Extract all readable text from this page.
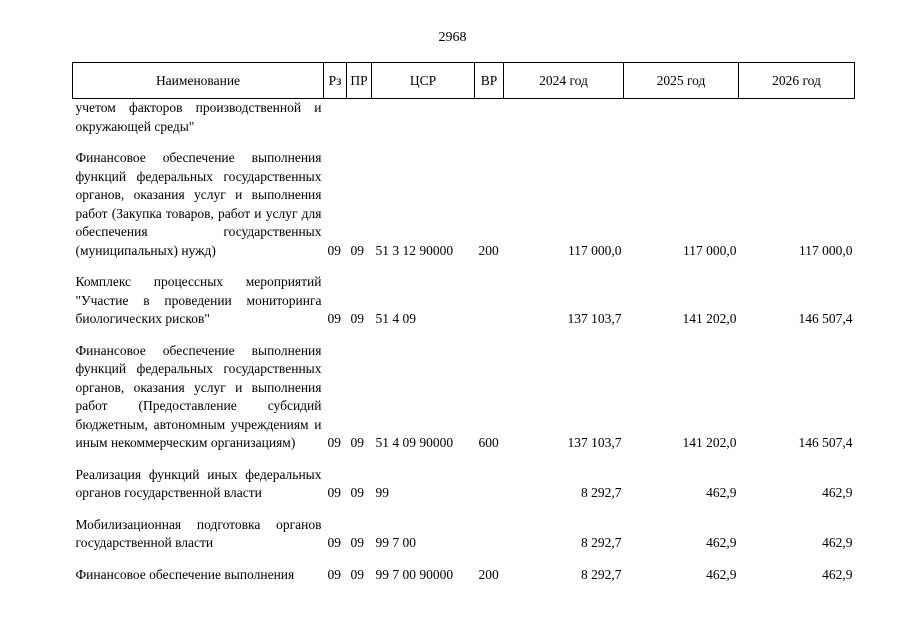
2968
Наименование	Рз	ПР	ЦСР	ВР	2024 год	2025 год	2026 год
учетом факторов производственной и окружающей среды"							

Финансовое обеспечение выполнения функций федеральных государственных органов, оказания услуг и выполнения работ (Закупка товаров, работ и услуг для обеспечения государственных (муниципальных) нужд)	09	09	51 3 12 90000	200	117 000,0	117 000,0	117 000,0

Комплекс процессных мероприятий "Участие в проведении мониторинга биологических рисков"	09	09	51 4 09		137 103,7	141 202,0	146 507,4

Финансовое обеспечение выполнения функций федеральных государственных органов, оказания услуг и выполнения работ (Предоставление субсидий бюджетным, автономным учреждениям и иным некоммерческим организациям)	09	09	51 4 09 90000	600	137 103,7	141 202,0	146 507,4

Реализация функций иных федеральных органов государственной власти	09	09	99		8 292,7	462,9	462,9

Мобилизационная подготовка органов государственной власти	09	09	99 7 00		8 292,7	462,9	462,9

Финансовое обеспечение выполнения	09	09	99 7 00 90000	200	8 292,7	462,9	462,9
